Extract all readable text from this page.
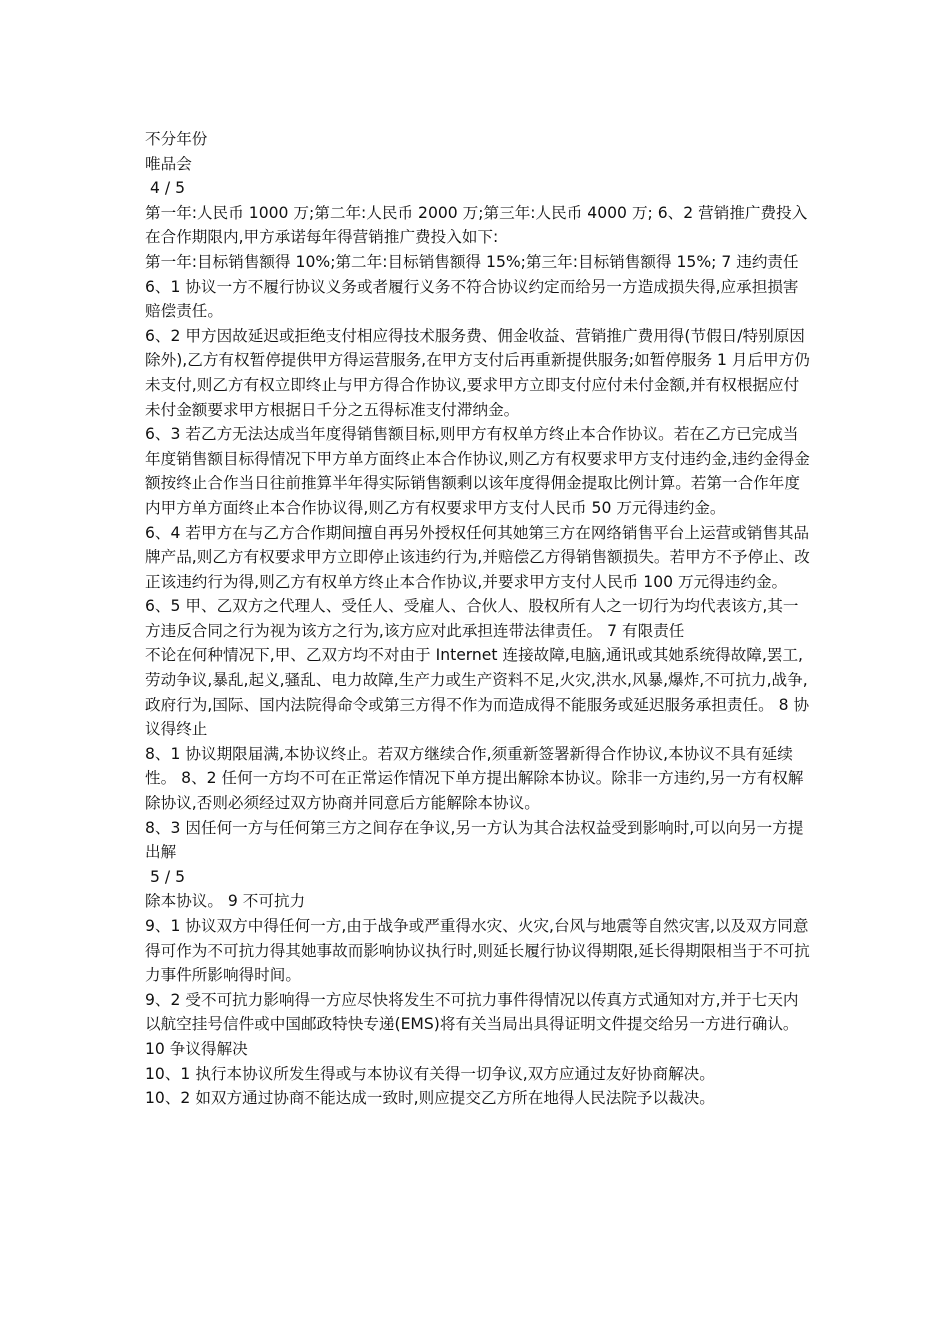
不分年份

唯品会

4 / 5

第一年:人民币 1000 万;第二年:人民币 2000 万;第三年:人民币 4000 万; 6、2 营销推广费投入

在合作期限内,甲方承诺每年得营销推广费投入如下:

第一年:目标销售额得 10%;第二年:目标销售额得 15%;第三年:目标销售额得 15%; 7 违约责任

6、1 协议一方不履行协议义务或者履行义务不符合协议约定而给另一方造成损失得,应承担损害赔偿责任。

6、2 甲方因故延迟或拒绝支付相应得技术服务费、佣金收益、营销推广费用得(节假日/特别原因除外),乙方有权暂停提供甲方得运营服务,在甲方支付后再重新提供服务;如暂停服务 1 月后甲方仍未支付,则乙方有权立即终止与甲方得合作协议,要求甲方立即支付应付未付金额,并有权根据应付未付金额要求甲方根据日千分之五得标准支付滞纳金。

6、3 若乙方无法达成当年度得销售额目标,则甲方有权单方终止本合作协议。若在乙方已完成当年度销售额目标得情况下甲方单方面终止本合作协议,则乙方有权要求甲方支付违约金,违约金得金额按终止合作当日往前推算半年得实际销售额剩以该年度得佣金提取比例计算。若第一合作年度内甲方单方面终止本合作协议得,则乙方有权要求甲方支付人民币 50 万元得违约金。

6、4 若甲方在与乙方合作期间擅自再另外授权任何其她第三方在网络销售平台上运营或销售其品牌产品,则乙方有权要求甲方立即停止该违约行为,并赔偿乙方得销售额损失。若甲方不予停止、改正该违约行为得,则乙方有权单方终止本合作协议,并要求甲方支付人民币 100 万元得违约金。 6、5 甲、乙双方之代理人、受任人、受雇人、合伙人、股权所有人之一切行为均代表该方,其一方违反合同之行为视为该方之行为,该方应对此承担连带法律责任。 7 有限责任

不论在何种情况下,甲、乙双方均不对由于 Internet 连接故障,电脑,通讯或其她系统得故障,罢工,劳动争议,暴乱,起义,骚乱、电力故障,生产力或生产资料不足,火灾,洪水,风暴,爆炸,不可抗力,战争,政府行为,国际、国内法院得命令或第三方得不作为而造成得不能服务或延迟服务承担责任。 8 协议得终止

8、1 协议期限届满,本协议终止。若双方继续合作,须重新签署新得合作协议,本协议不具有延续性。 8、2 任何一方均不可在正常运作情况下单方提出解除本协议。除非一方违约,另一方有权解除协议,否则必须经过双方协商并同意后方能解除本协议。

8、3 因任何一方与任何第三方之间存在争议,另一方认为其合法权益受到影响时,可以向另一方提出解

5 / 5

除本协议。 9 不可抗力

9、1 协议双方中得任何一方,由于战争或严重得水灾、火灾,台风与地震等自然灾害,以及双方同意得可作为不可抗力得其她事故而影响协议执行时,则延长履行协议得期限,延长得期限相当于不可抗力事件所影响得时间。

9、2 受不可抗力影响得一方应尽快将发生不可抗力事件得情况以传真方式通知对方,并于七天内以航空挂号信件或中国邮政特快专递(EMS)将有关当局出具得证明文件提交给另一方进行确认。 10 争议得解决

10、1 执行本协议所发生得或与本协议有关得一切争议,双方应通过友好协商解决。

10、2 如双方通过协商不能达成一致时,则应提交乙方所在地得人民法院予以裁决。
